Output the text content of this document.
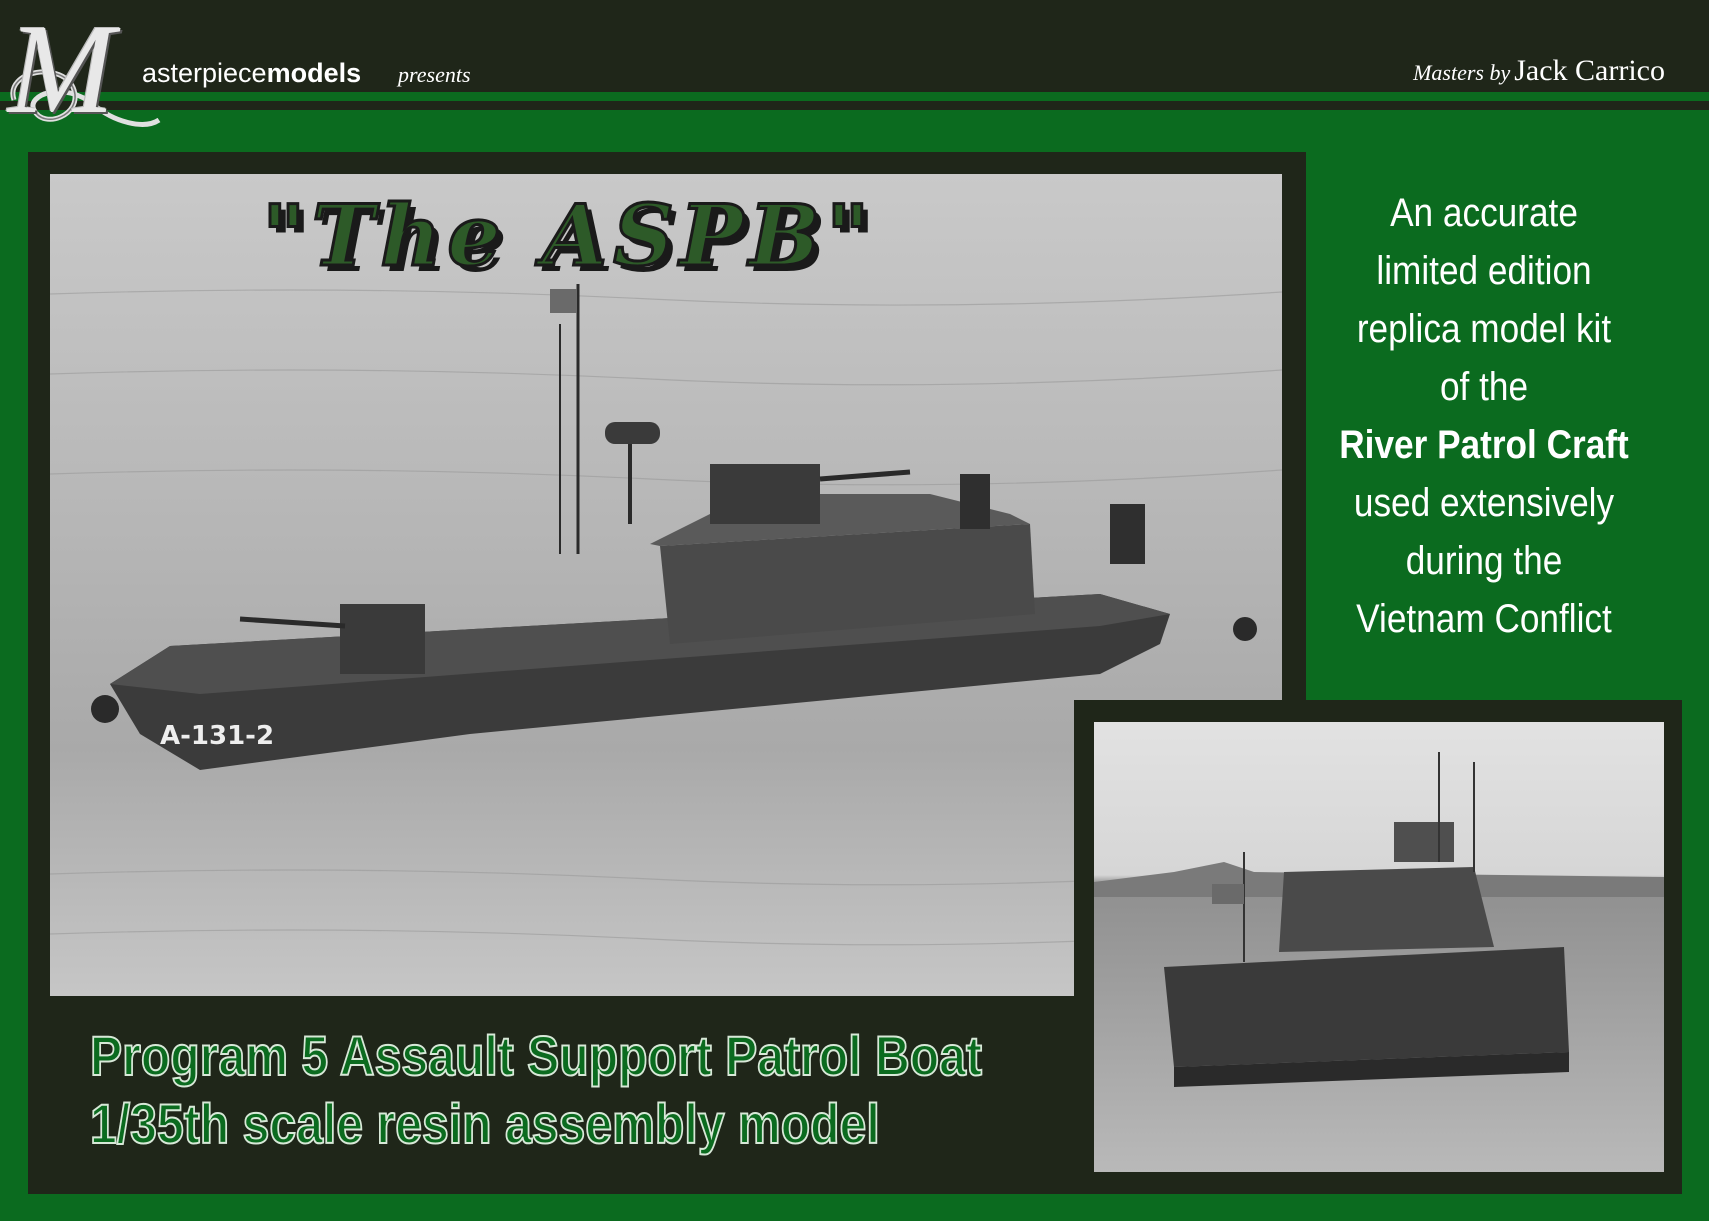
M asterpiecemodels presents	Masters by Jack Carrico
A-131-2
"The ASPB"	An accurate
limited edition
replica model kit
of the
River Patrol Craft
used extensively
during the
Vietnam Conflict
Program 5 Assault Support Patrol Boat
1/35th scale resin assembly model
